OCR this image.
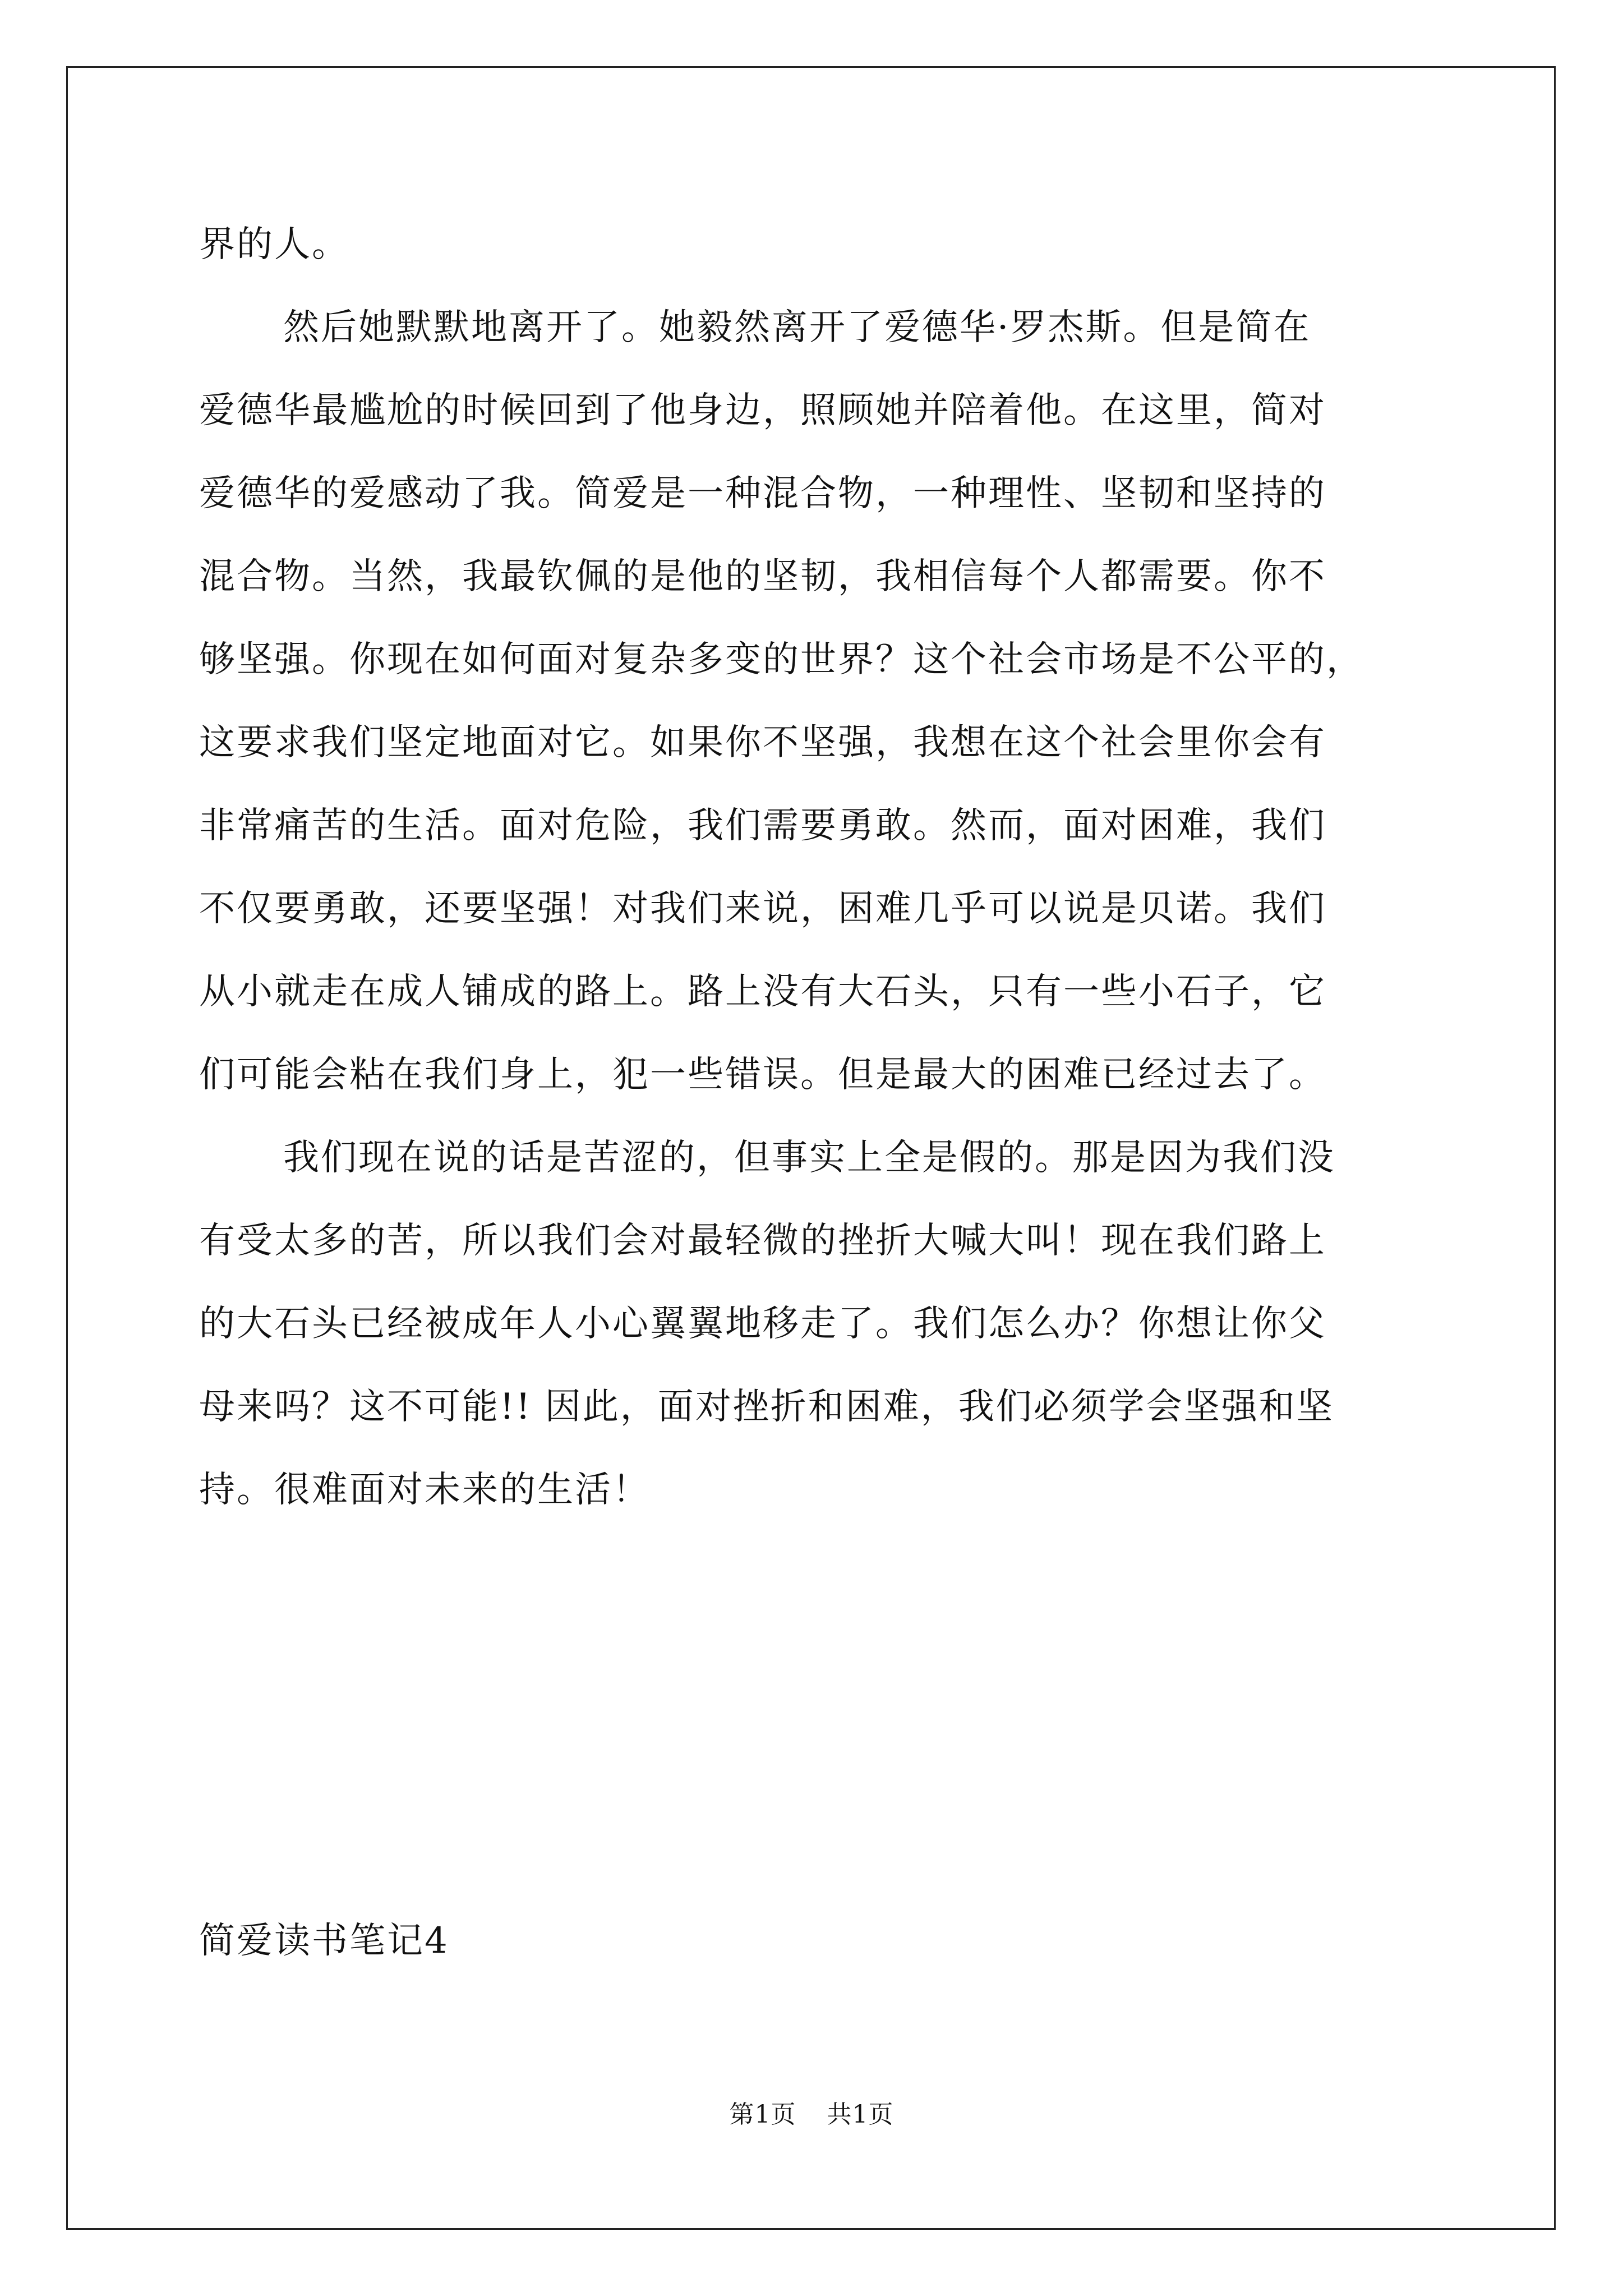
界的人。
然后她默默地离开了。她毅然离开了爱德华·罗杰斯。但是简在
爱德华最尴尬的时候回到了他身边，照顾她并陪着他。在这里，简对
爱德华的爱感动了我。简爱是一种混合物，一种理性、坚韧和坚持的
混合物。当然，我最钦佩的是他的坚韧，我相信每个人都需要。你不
够坚强。你现在如何面对复杂多变的世界？这个社会市场是不公平的，
这要求我们坚定地面对它。如果你不坚强，我想在这个社会里你会有
非常痛苦的生活。面对危险，我们需要勇敢。然而，面对困难，我们
不仅要勇敢，还要坚强！对我们来说，困难几乎可以说是贝诺。我们
从小就走在成人铺成的路上。路上没有大石头，只有一些小石子，它
们可能会粘在我们身上，犯一些错误。但是最大的困难已经过去了。
我们现在说的话是苦涩的，但事实上全是假的。那是因为我们没
有受太多的苦，所以我们会对最轻微的挫折大喊大叫！现在我们路上
的大石头已经被成年人小心翼翼地移走了。我们怎么办？你想让你父
母来吗？这不可能!! 因此，面对挫折和困难，我们必须学会坚强和坚
持。很难面对未来的生活！
简爱读书笔记4
第1页 共1页
